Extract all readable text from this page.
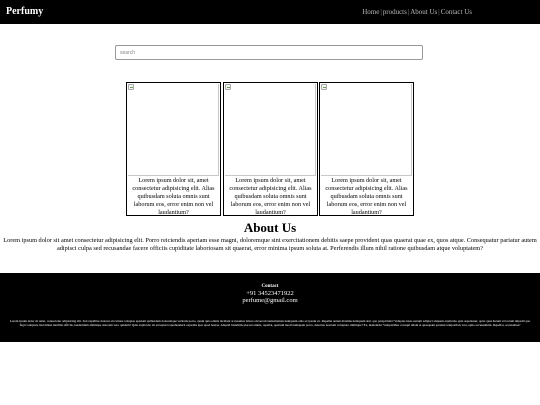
Perfumy	Home|products|About Us|Contact Us
search
Lorem ipsum dolor sit, amet consectetur adipisicing elit. Alias quibusdam soluta omnis sunt laborum eos, error enim non vel laudantium?
Lorem ipsum dolor sit, amet consectetur adipisicing elit. Alias quibusdam soluta omnis sunt laborum eos, error enim non vel laudantium?
Lorem ipsum dolor sit, amet consectetur adipisicing elit. Alias quibusdam soluta omnis sunt laborum eos, error enim non vel laudantium?
About Us
Lorem ipsum dolor sit amet consectetur adipisicing elit. Porro reiciendis aperiam esse magni, doloremque sint exercitationem debitis saepe provident quas quaerat quae ex, quos atque. Consequatur pariatur autem adipisci culpa sed recusandae facere officiis cupiditate laboriosam sit quaerat, error minima ipsum soluta at. Perferendis illum nihil ratione quibusdam atque voluptatem?
Contact
+91 34523471922
perfume@gmail.com
Lorem ipsum dolor sit amet, consectetur adipisicing elit. Sed cupiditas dolores sit ratione voluptas aperiam quibusdam doloremque veritatis porro, quam quia omnis incidunt accusamus labore obcaecati nemometnda numquam odio ex ipsum ex. Repellat autem maxime numquam sint, quo perspiciatis! Voluptas iusto ustrum adipisci aliquam explicabo quia aspernatur, optio quas harum vel rerum impedit quo fugit voluptate nisi minus mollitia officiis, laudantium similique dolorem vero quidem? Quia explicabo sit excepturi reprehenderit expedita ipsa quod beatae. Aliquid blanditiis placeat omnis, repellat, aperiam modi numquam porro, delectus nostrum voluptate similique? Ex, nisitemdo! Voluptatibus corrupti ullam et quasquam pariatur temporibus vero optio accusantium. Repellat, accusamus?
